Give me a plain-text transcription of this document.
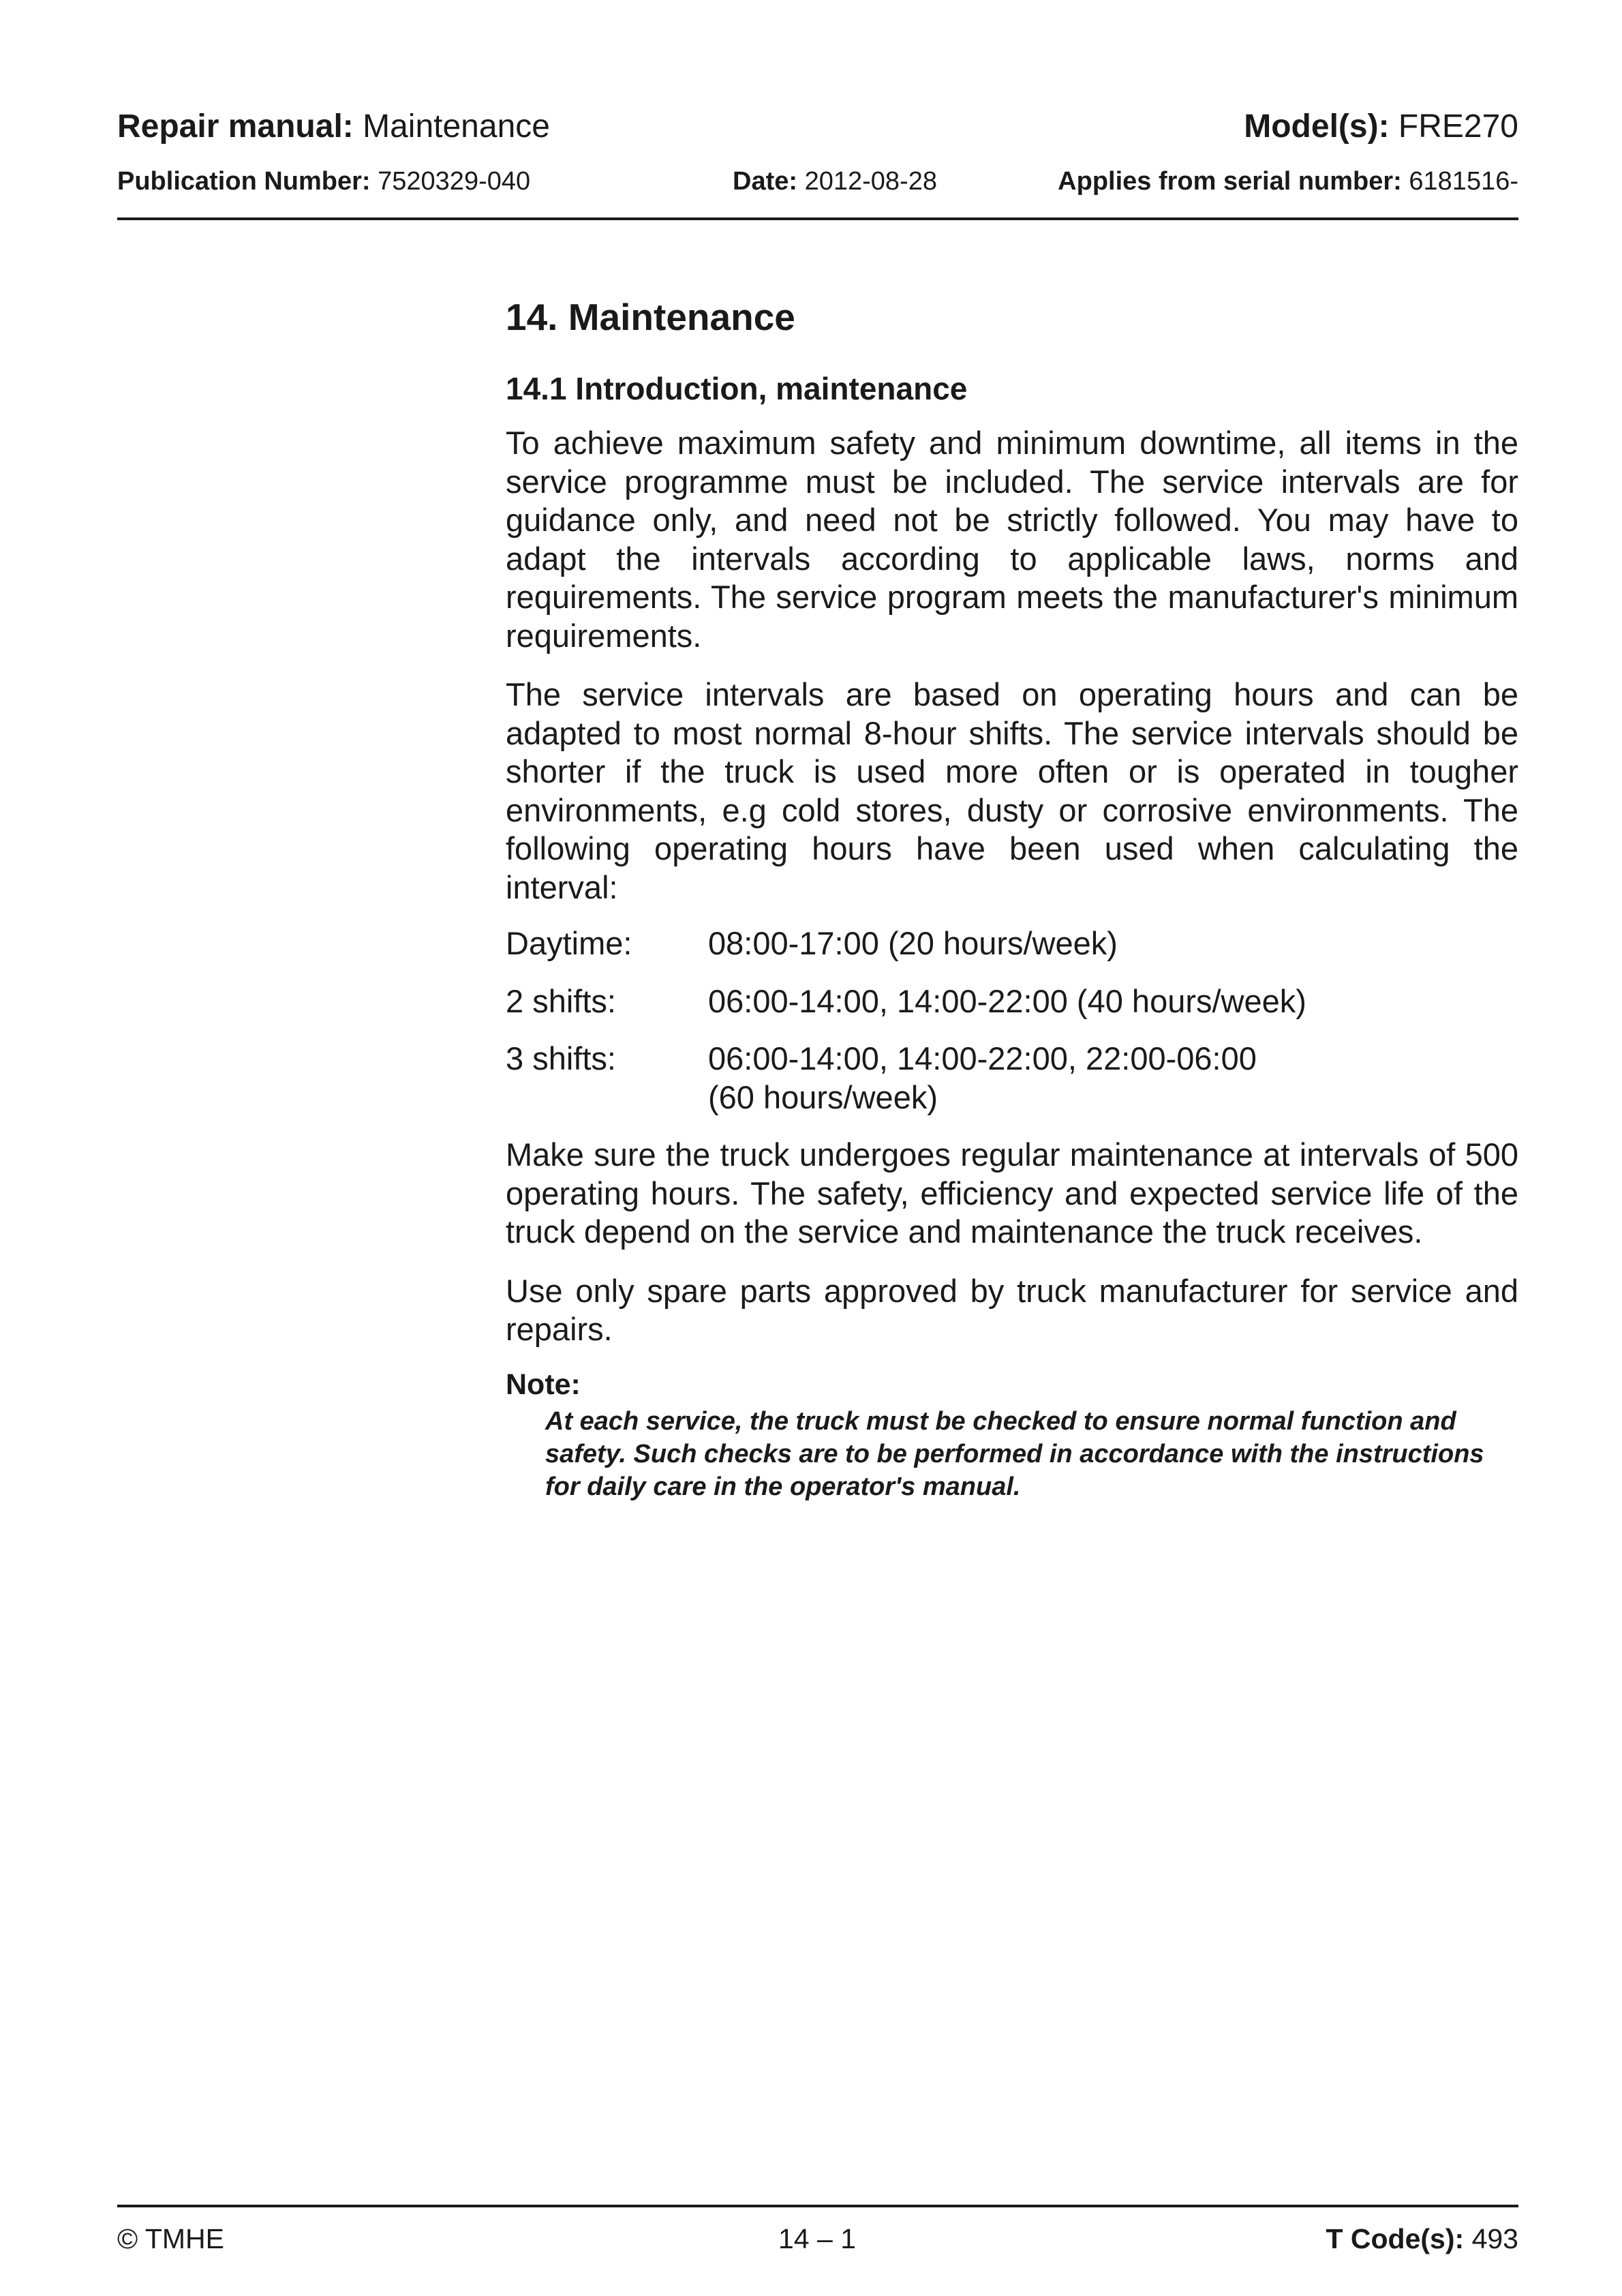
Repair manual: Maintenance	Model(s): FRE270
Publication Number: 7520329-040	Date: 2012-08-28	Applies from serial number: 6181516-
14. Maintenance
14.1 Introduction, maintenance

To achieve maximum safety and minimum downtime, all items in the service programme must be included. The service intervals are for guidance only, and need not be strictly followed. You may have to adapt the intervals according to applicable laws, norms and requirements. The service program meets the manufacturer's minimum requirements.

The service intervals are based on operating hours and can be adapted to most normal 8-hour shifts. The service intervals should be shorter if the truck is used more often or is operated in tougher environments, e.g cold stores, dusty or corrosive environments. The following operating hours have been used when calculating the interval:

Daytime:	08:00-17:00 (20 hours/week)
2 shifts:	06:00-14:00, 14:00-22:00 (40 hours/week)
3 shifts:	06:00-14:00, 14:00-22:00, 22:00-06:00 (60 hours/week)

Make sure the truck undergoes regular maintenance at intervals of 500 operating hours. The safety, efficiency and expected service life of the truck depend on the service and maintenance the truck receives.

Use only spare parts approved by truck manufacturer for service and repairs.

Note:
At each service, the truck must be checked to ensure normal function and safety. Such checks are to be performed in accordance with the instructions for daily care in the operator's manual.
© TMHE	14 – 1	T Code(s): 493
